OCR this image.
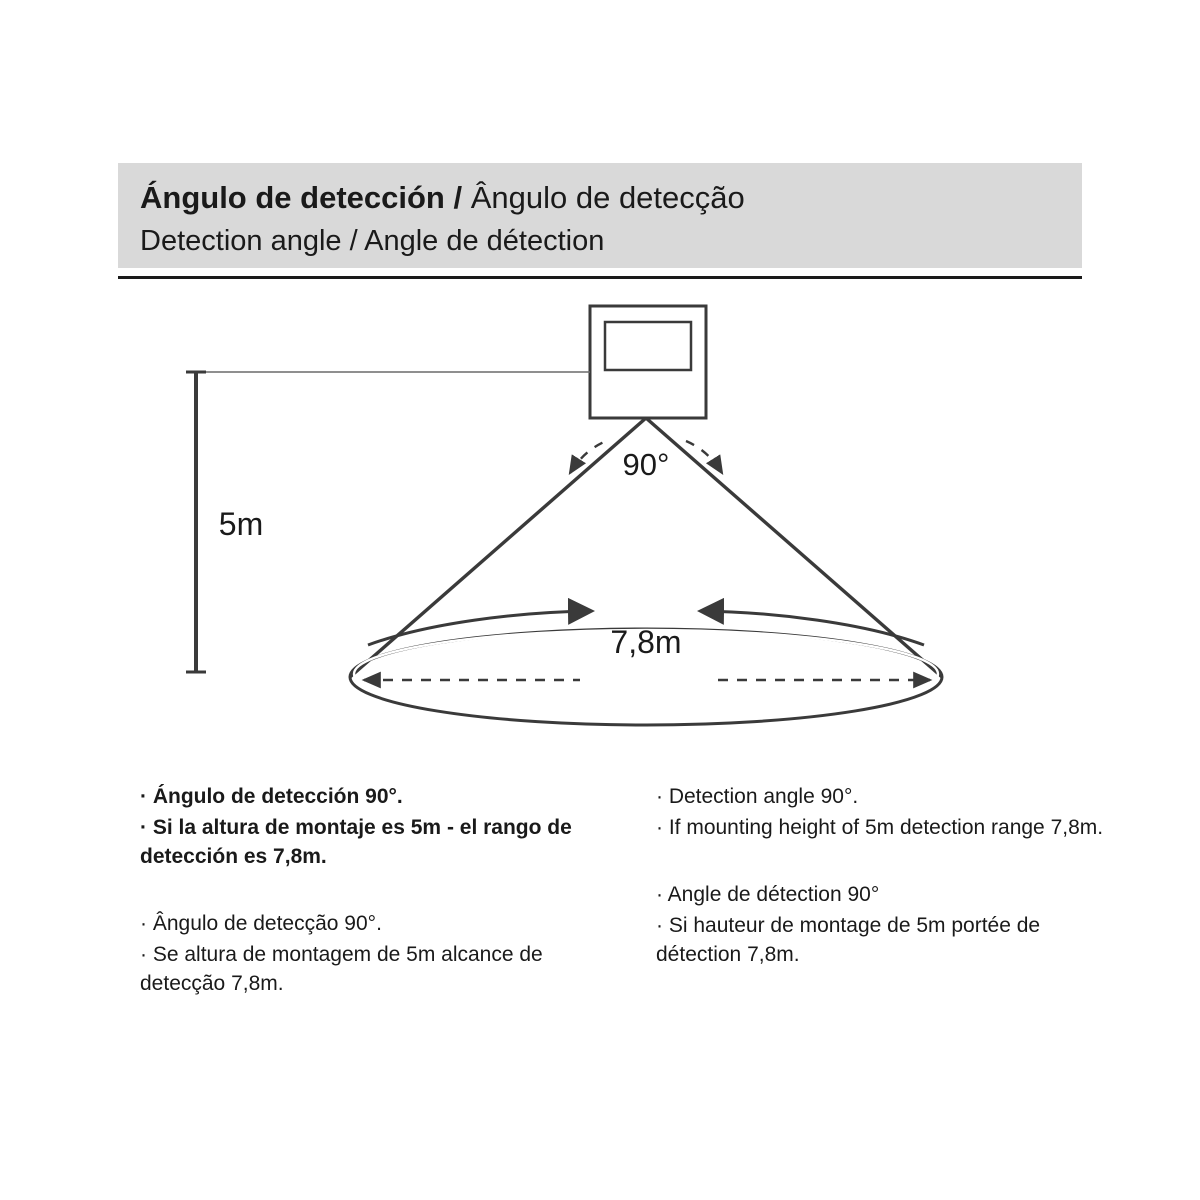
Ángulo de detección / Ângulo de detecção
Detection angle / Angle de détection
5m
90°
7,8m

· Ángulo de detección 90°.

· Si la altura de montaje es 5m - el rango de detección es 7,8m.

· Ângulo de detecção 90°.

· Se altura de montagem de 5m alcance de detecção 7,8m.

· Detection angle 90°.

· If mounting height of 5m detection range 7,8m.

· Angle de détection 90°

· Si hauteur de montage de 5m portée de détection 7,8m.
